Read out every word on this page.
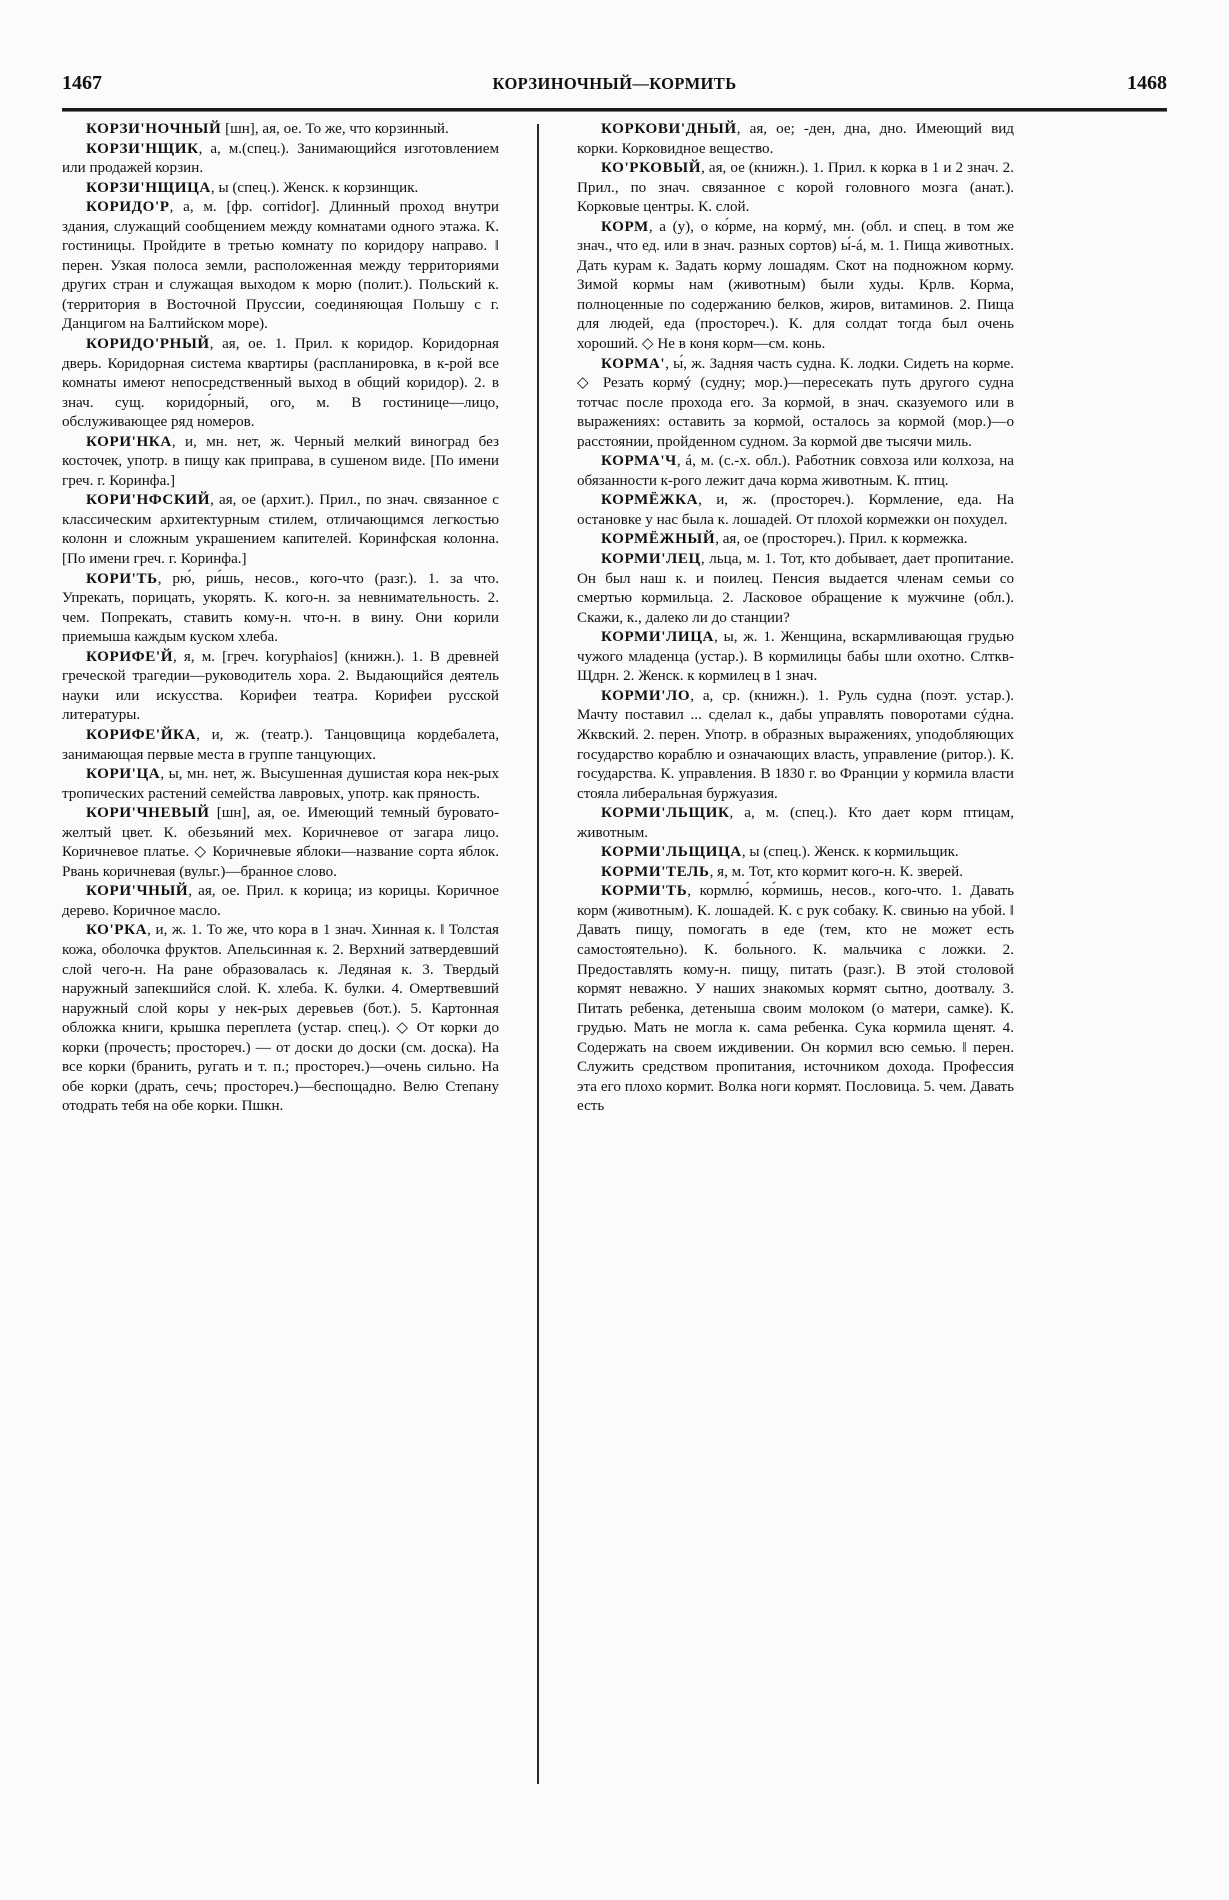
1467	КОРЗИНОЧНЫЙ—КОРМИТЬ	1468

КОРЗИ'НОЧНЫЙ [шн], ая, ое. То же, что корзинный.

КОРЗИ'НЩИК, а, м.(спец.). Занимающийся изготовлением или продажей корзин.

КОРЗИ'НЩИЦА, ы (спец.). Женск. к корзинщик.

КОРИДО'Р, а, м. [фр. corridor]. Длинный проход внутри здания, служащий сообщением между комнатами одного этажа. К. гостиницы. Пройдите в третью комнату по коридору направо. ‖ перен. Узкая полоса земли, расположенная между территориями других стран и служащая выходом к морю (полит.). Польский к. (территория в Восточной Пруссии, соединяющая Польшу с г. Данцигом на Балтийском море).

КОРИДО'РНЫЙ, ая, ое. 1. Прил. к коридор. Коридорная дверь. Коридорная система квартиры (распланировка, в к-рой все комнаты имеют непосредственный выход в общий коридор). 2. в знач. сущ. коридо́рный, ого, м. В гостинице—лицо, обслуживающее ряд номеров.

КОРИ'НКА, и, мн. нет, ж. Черный мелкий виноград без косточек, употр. в пищу как приправа, в сушеном виде. [По имени греч. г. Коринфа.]

КОРИ'НФСКИЙ, ая, ое (архит.). Прил., по знач. связанное с классическим архитектурным стилем, отличающимся легкостью колонн и сложным украшением капителей. Коринфская колонна. [По имени греч. г. Коринфа.]

КОРИ'ТЬ, рю́, ри́шь, несов., кого-что (разг.). 1. за что. Упрекать, порицать, укорять. К. кого-н. за невнимательность. 2. чем. Попрекать, ставить кому-н. что-н. в вину. Они корили приемыша каждым куском хлеба.

КОРИФЕ'Й, я, м. [греч. koryphaios] (книжн.). 1. В древней греческой трагедии—руководитель хора. 2. Выдающийся деятель науки или искусства. Корифеи театра. Корифеи русской литературы.

КОРИФЕ'ЙКА, и, ж. (театр.). Танцовщица кордебалета, занимающая первые места в группе танцующих.

КОРИ'ЦА, ы, мн. нет, ж. Высушенная душистая кора нек-рых тропических растений семейства лавровых, употр. как пряность.

КОРИ'ЧНЕВЫЙ [шн], ая, ое. Имеющий темный буровато-желтый цвет. К. обезьяний мех. Коричневое от загара лицо. Коричневое платье. ◇ Коричневые яблоки—название сорта яблок. Рвань коричневая (вульг.)—бранное слово.

КОРИ'ЧНЫЙ, ая, ое. Прил. к корица; из корицы. Коричное дерево. Коричное масло.

КО'РКА, и, ж. 1. То же, что кора в 1 знач. Хинная к. ‖ Толстая кожа, оболочка фруктов. Апельсинная к. 2. Верхний затвердевший слой чего-н. На ране образовалась к. Ледяная к. 3. Твердый наружный запекшийся слой. К. хлеба. К. булки. 4. Омертвевший наружный слой коры у нек-рых деревьев (бот.). 5. Картонная обложка книги, крышка переплета (устар. спец.). ◇ От корки до корки (прочесть; простореч.) — от доски до доски (см. доска). На все корки (бранить, ругать и т. п.; простореч.)—очень сильно. На обе корки (драть, сечь; простореч.)—беспощадно. Велю Степану отодрать тебя на обе корки. Пшкн.

КОРКОВИ'ДНЫЙ, ая, ое; -ден, дна, дно. Имеющий вид корки. Корковидное вещество.

КО'РКОВЫЙ, ая, ое (книжн.). 1. Прил. к корка в 1 и 2 знач. 2. Прил., по знач. связанное с корой головного мозга (анат.). Корковые центры. К. слой.

КОРМ, а (у), о ко́рме, на кормý, мн. (обл. и спец. в том же знач., что ед. или в знач. разных сортов) ы́-á, м. 1. Пища животных. Дать курам к. Задать корму лошадям. Скот на подножном корму. Зимой кормы нам (животным) были худы. Крлв. Корма, полноценные по содержанию белков, жиров, витаминов. 2. Пища для людей, еда (простореч.). К. для солдат тогда был очень хороший. ◇ Не в коня корм—см. конь.

КОРМА', ы́, ж. Задняя часть судна. К. лодки. Сидеть на корме. ◇ Резать кормý (судну; мор.)—пересекать путь другого судна тотчас после прохода его. За кормой, в знач. сказуемого или в выражениях: оставить за кормой, осталось за кормой (мор.)—о расстоянии, пройденном судном. За кормой две тысячи миль.

КОРМА'Ч, á, м. (с.-х. обл.). Работник совхоза или колхоза, на обязанности к-рого лежит дача корма животным. К. птиц.

КОРМЁЖКА, и, ж. (простореч.). Кормление, еда. На остановке у нас была к. лошадей. От плохой кормежки он похудел.

КОРМЁЖНЫЙ, ая, ое (простореч.). Прил. к кормежка.

КОРМИ'ЛЕЦ, льца, м. 1. Тот, кто добывает, дает пропитание. Он был наш к. и поилец. Пенсия выдается членам семьи со смертью кормильца. 2. Ласковое обращение к мужчине (обл.). Скажи, к., далеко ли до станции?

КОРМИ'ЛИЦА, ы, ж. 1. Женщина, вскармливающая грудью чужого младенца (устар.). В кормилицы бабы шли охотно. Слткв-Щдрн. 2. Женск. к кормилец в 1 знач.

КОРМИ'ЛО, а, ср. (книжн.). 1. Руль судна (поэт. устар.). Мачту поставил ... сделал к., дабы управлять поворотами сýдна. Жквский. 2. перен. Употр. в образных выражениях, уподобляющих государство кораблю и означающих власть, управление (ритор.). К. государства. К. управления. В 1830 г. во Франции у кормила власти стояла либеральная буржуазия.

КОРМИ'ЛЬЩИК, а, м. (спец.). Кто дает корм птицам, животным.

КОРМИ'ЛЬЩИЦА, ы (спец.). Женск. к кормильщик.

КОРМИ'ТЕЛЬ, я, м. Тот, кто кормит кого-н. К. зверей.

КОРМИ'ТЬ, кормлю́, ко́рмишь, несов., кого-что. 1. Давать корм (животным). К. лошадей. К. с рук собаку. К. свинью на убой. ‖ Давать пищу, помогать в еде (тем, кто не может есть самостоятельно). К. больного. К. мальчика с ложки. 2. Предоставлять кому-н. пищу, питать (разг.). В этой столовой кормят неважно. У наших знакомых кормят сытно, доотвалу. 3. Питать ребенка, детеныша своим молоком (о матери, самке). К. грудью. Мать не могла к. сама ребенка. Сука кормила щенят. 4. Содержать на своем иждивении. Он кормил всю семью. ‖ перен. Служить средством пропитания, источником дохода. Профессия эта его плохо кормит. Волка ноги кормят. Пословица. 5. чем. Давать есть
